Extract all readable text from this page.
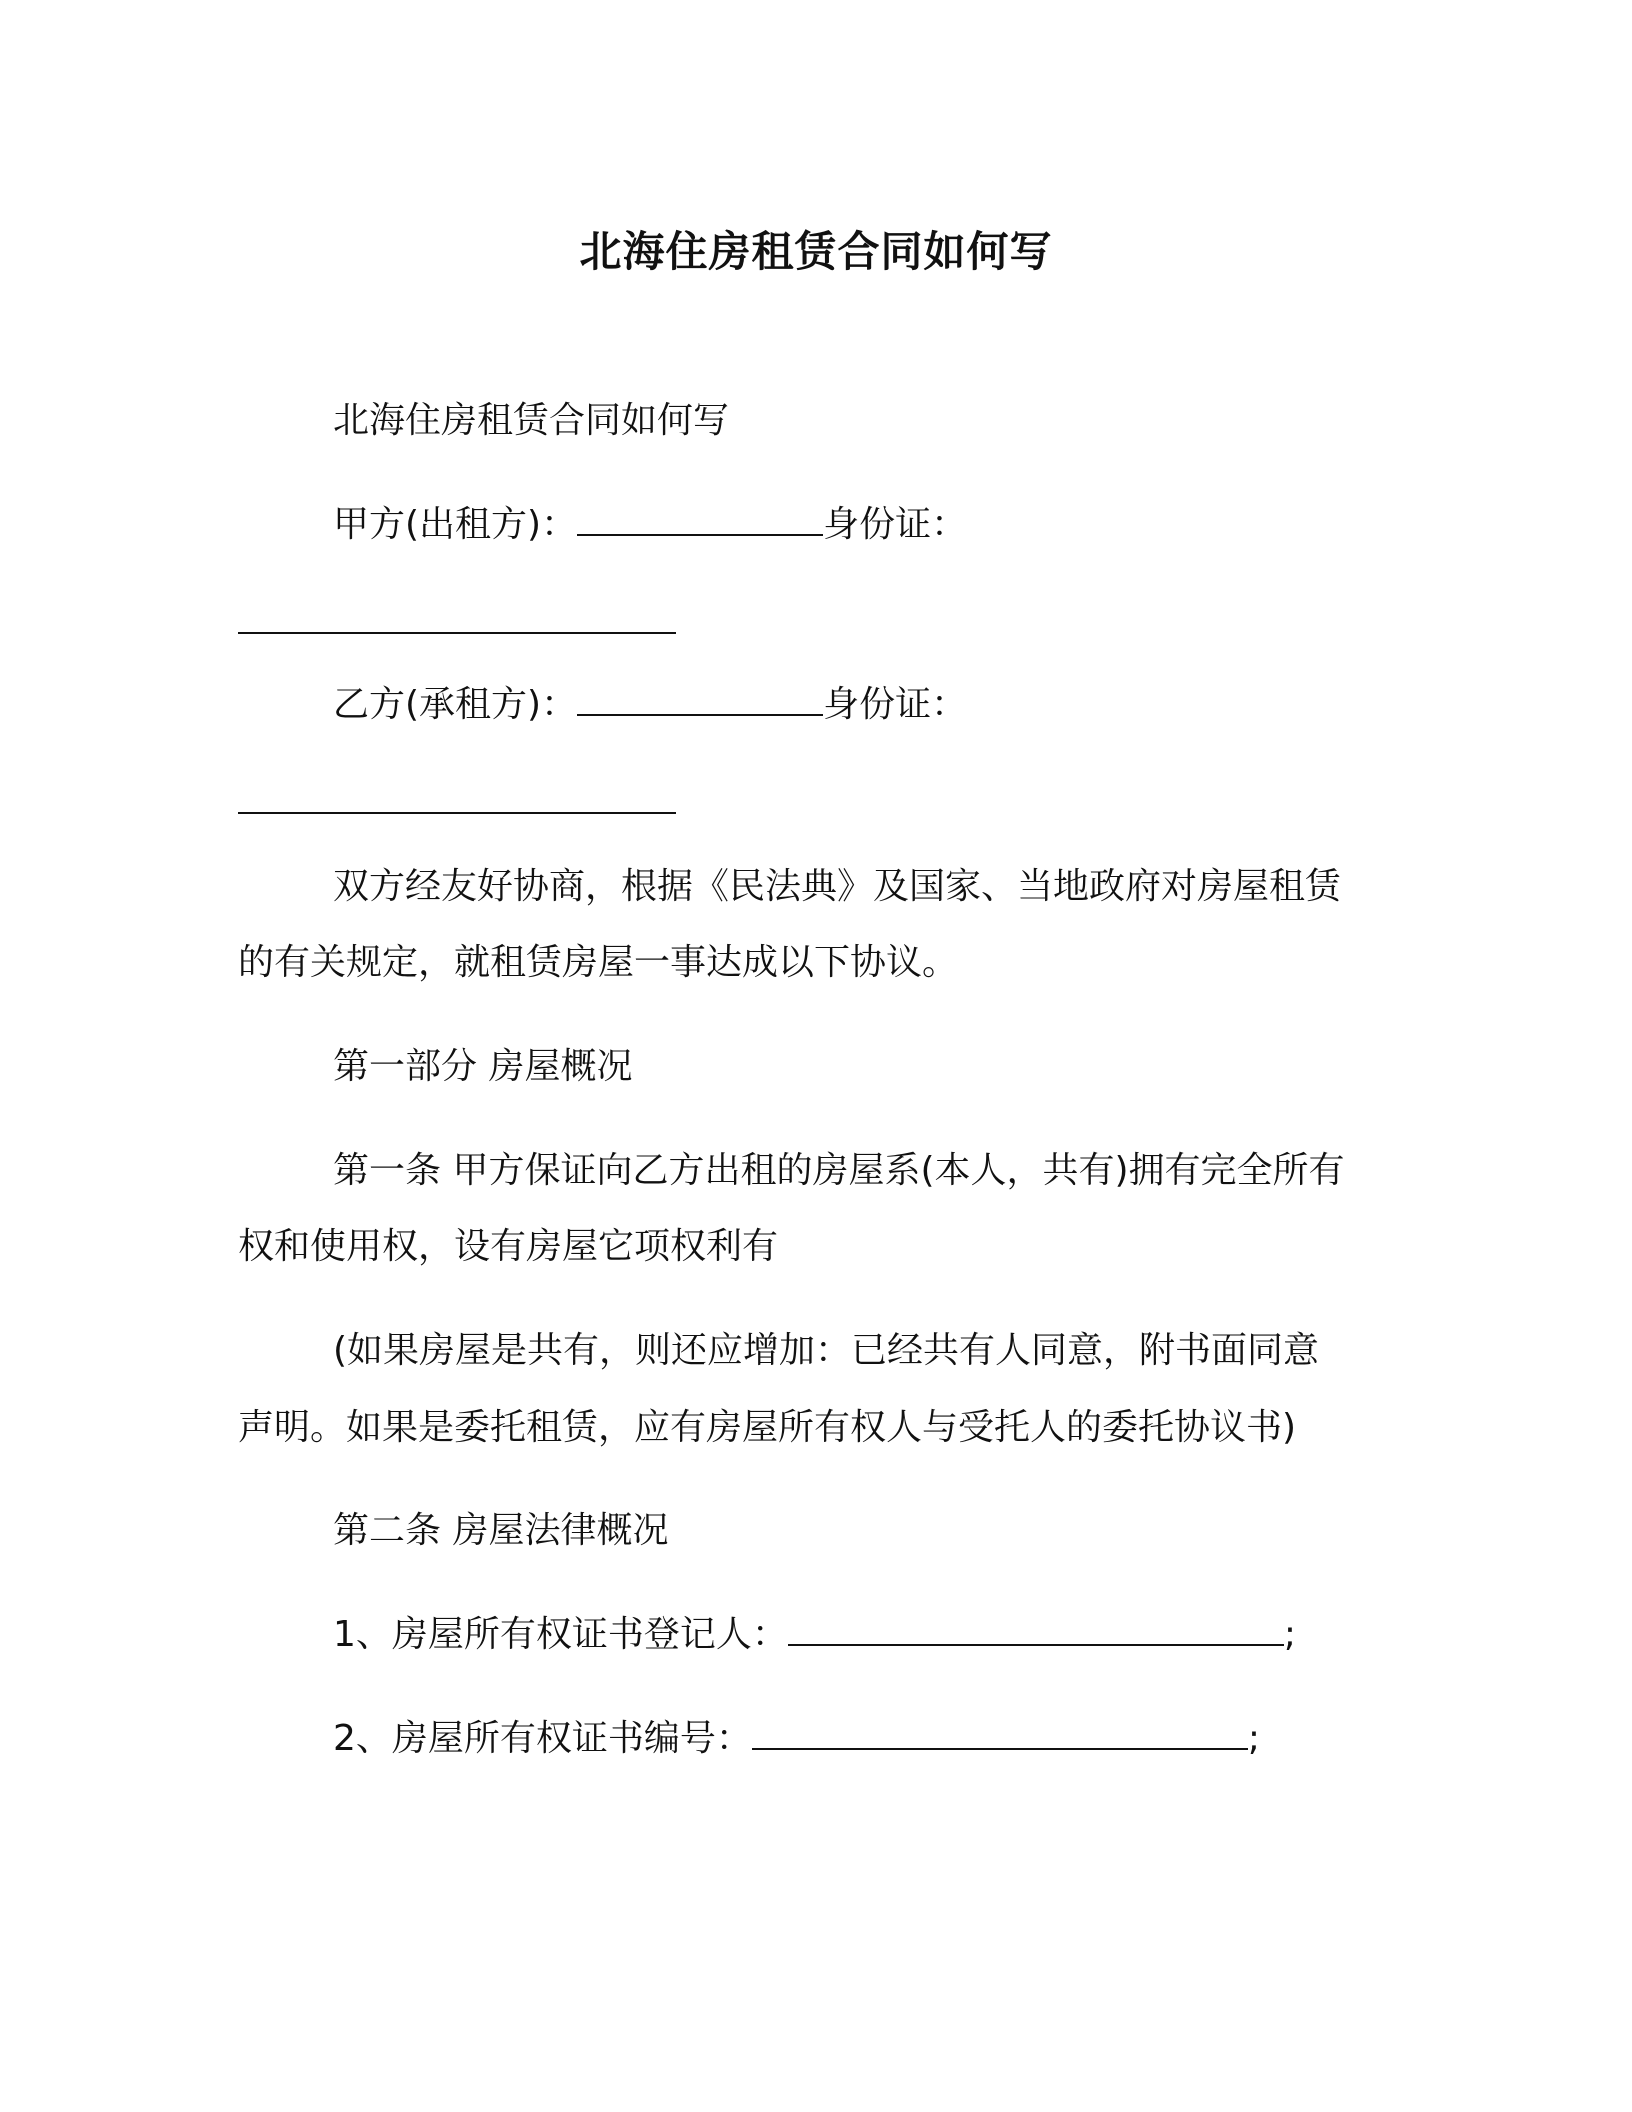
北海住房租赁合同如何写
北海住房租赁合同如何写
甲方(出租方)：	身份证：
乙方(承租方)：	身份证：
双方经友好协商，根据《民法典》及国家、当地政府对房屋租赁
的有关规定，就租赁房屋一事达成以下协议。
第一部分 房屋概况
第一条 甲方保证向乙方出租的房屋系(本人，共有)拥有完全所有
权和使用权，设有房屋它项权利有
(如果房屋是共有，则还应增加：已经共有人同意，附书面同意
声明。如果是委托租赁，应有房屋所有权人与受托人的委托协议书)
第二条 房屋法律概况
1、房屋所有权证书登记人：	;
2、房屋所有权证书编号：	;
